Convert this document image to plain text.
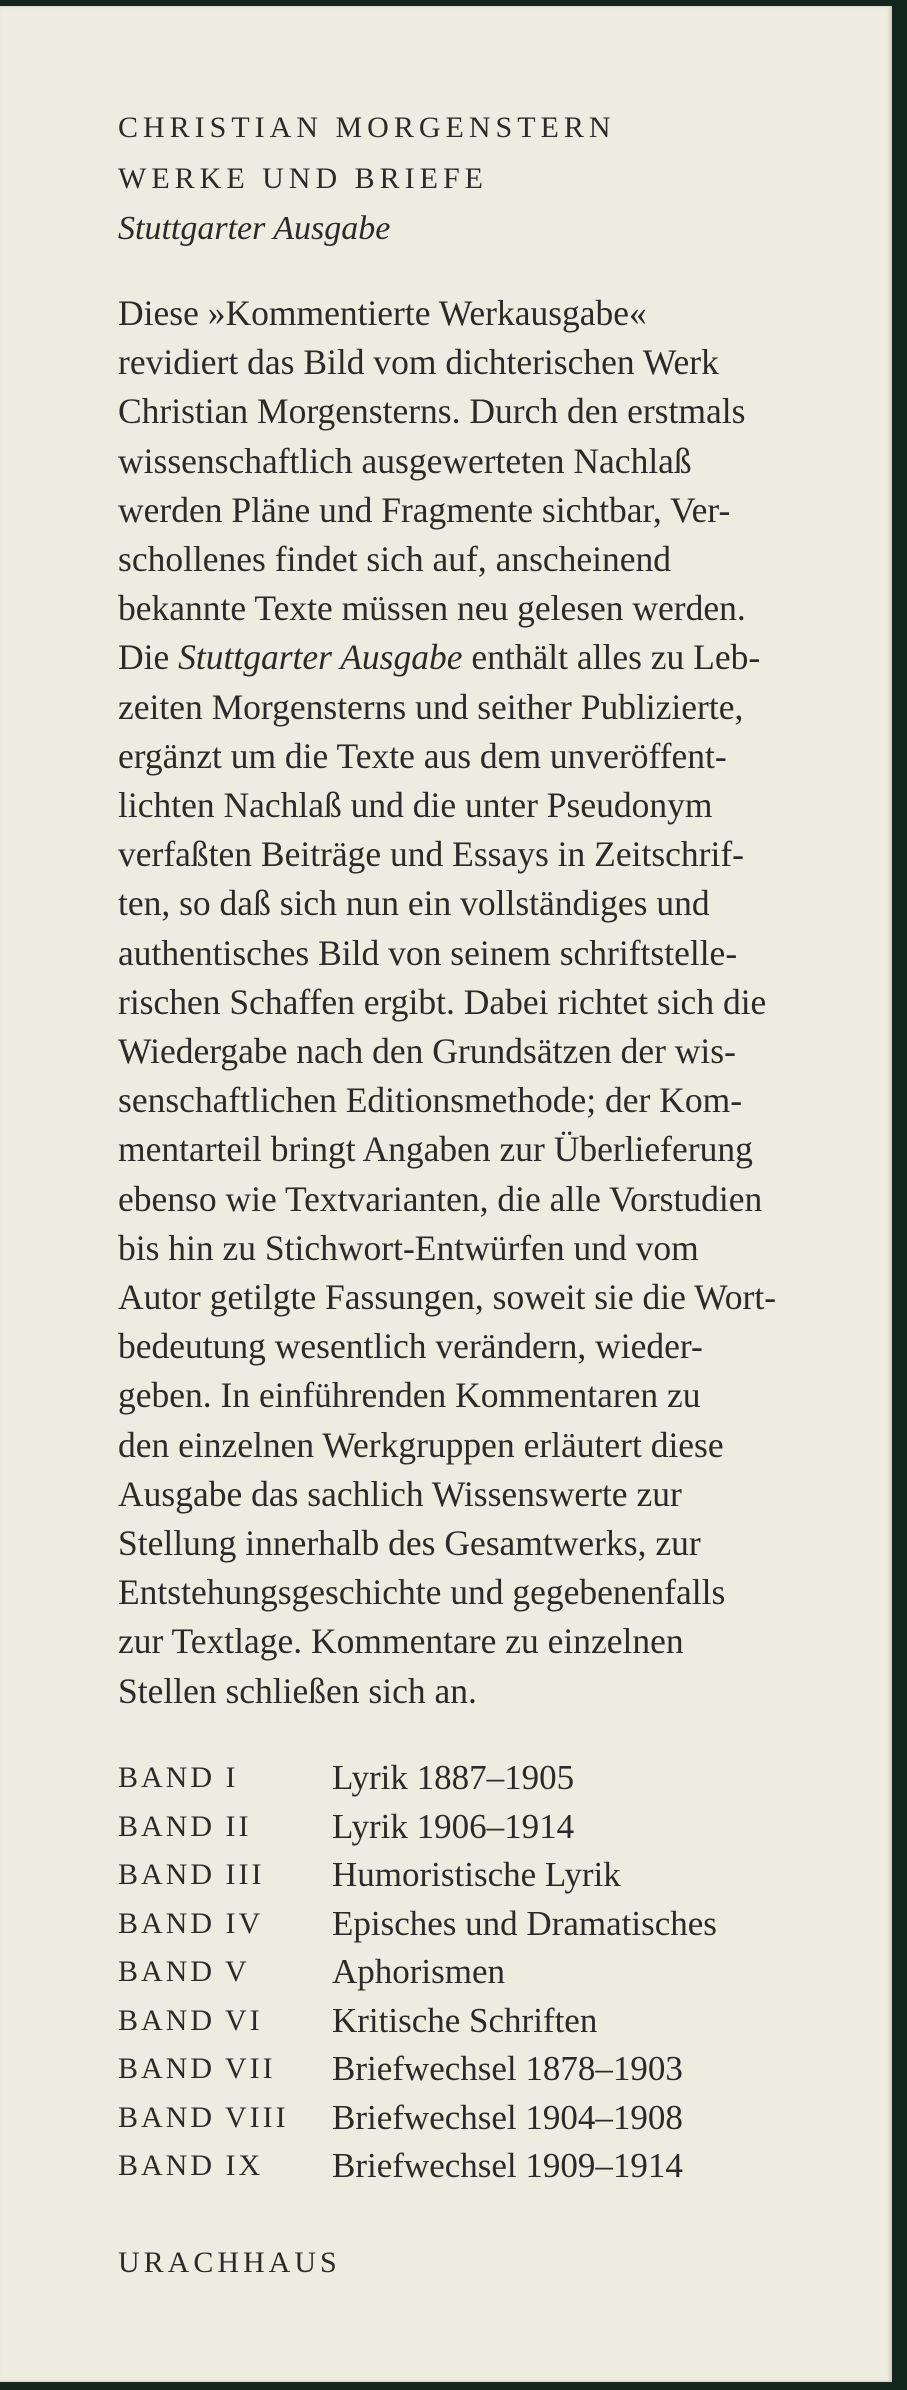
CHRISTIAN MORGENSTERN
WERKE UND BRIEFE
Stuttgarter Ausgabe
Diese »Kommentierte Werkausgabe«
revidiert das Bild vom dichterischen Werk
Christian Morgensterns. Durch den erstmals
wissenschaftlich ausgewerteten Nachlaß
werden Pläne und Fragmente sichtbar, Ver-
schollenes findet sich auf, anscheinend
bekannte Texte müssen neu gelesen werden.
Die Stuttgarter Ausgabe enthält alles zu Leb-
zeiten Morgensterns und seither Publizierte,
ergänzt um die Texte aus dem unveröffent-
lichten Nachlaß und die unter Pseudonym
verfaßten Beiträge und Essays in Zeitschrif-
ten, so daß sich nun ein vollständiges und
authentisches Bild von seinem schriftstelle-
rischen Schaffen ergibt. Dabei richtet sich die
Wiedergabe nach den Grundsätzen der wis-
senschaftlichen Editionsmethode; der Kom-
mentarteil bringt Angaben zur Überlieferung
ebenso wie Textvarianten, die alle Vorstudien
bis hin zu Stichwort-Entwürfen und vom
Autor getilgte Fassungen, soweit sie die Wort-
bedeutung wesentlich verändern, wieder-
geben. In einführenden Kommentaren zu
den einzelnen Werkgruppen erläutert diese
Ausgabe das sachlich Wissenswerte zur
Stellung innerhalb des Gesamtwerks, zur
Entstehungsgeschichte und gegebenenfalls
zur Textlage. Kommentare zu einzelnen
Stellen schließen sich an.
BAND I	Lyrik 1887–1905
BAND II	Lyrik 1906–1914
BAND III	Humoristische Lyrik
BAND IV	Episches und Dramatisches
BAND V	Aphorismen
BAND VI	Kritische Schriften
BAND VII	Briefwechsel 1878–1903
BAND VIII	Briefwechsel 1904–1908
BAND IX	Briefwechsel 1909–1914
URACHHAUS
